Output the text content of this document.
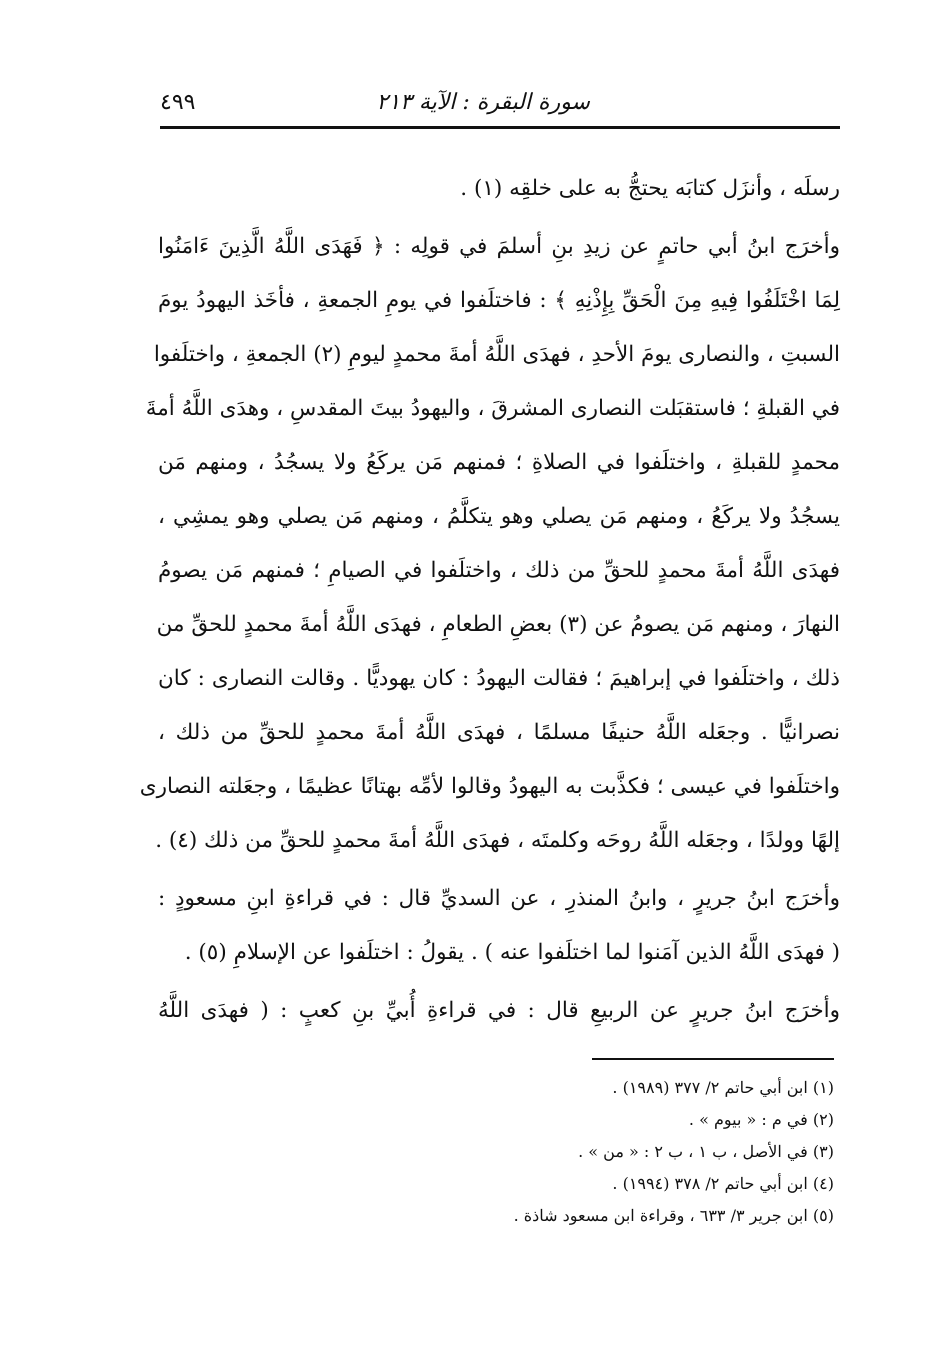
سورة البقرة : الآية ٢١٣
٤٩٩
رسلَه ، وأنزَل كتابَه يحتجُّ به على خلقِه (١) .
وأخرَج ابنُ أبي حاتمٍ عن زيدِ بنِ أسلمَ في قولِه : ﴿ فَهَدَى اللَّهُ الَّذِينَ ءَامَنُوا
لِمَا اخْتَلَفُوا فِيهِ مِنَ الْحَقِّ بِإِذْنِهِ ﴾ : فاختلَفوا في يومِ الجمعةِ ، فأخَذ اليهودُ يومَ
السبتِ ، والنصارى يومَ الأحدِ ، فهدَى اللَّهُ أمةَ محمدٍ ليومِ (٢) الجمعةِ ، واختلَفوا
في القبلةِ ؛ فاستقبَلت النصارى المشرقَ ، واليهودُ بيتَ المقدسِ ، وهدَى اللَّهُ أمةَ
محمدٍ للقبلةِ ، واختلَفوا في الصلاةِ ؛ فمنهم مَن يركَعُ ولا يسجُدُ ، ومنهم مَن
يسجُدُ ولا يركَعُ ، ومنهم مَن يصلي وهو يتكلَّمُ ، ومنهم مَن يصلي وهو يمشِي ،
فهدَى اللَّهُ أمةَ محمدٍ للحقِّ من ذلك ، واختلَفوا في الصيامِ ؛ فمنهم مَن يصومُ
النهارَ ، ومنهم مَن يصومُ عن (٣) بعضِ الطعامِ ، فهدَى اللَّهُ أمةَ محمدٍ للحقِّ من
ذلك ، واختلَفوا في إبراهيمَ ؛ فقالت اليهودُ : كان يهوديًّا . وقالت النصارى : كان
نصرانيًّا . وجعَله اللَّهُ حنيفًا مسلمًا ، فهدَى اللَّهُ أمةَ محمدٍ للحقِّ من ذلك ،
واختلَفوا في عيسى ؛ فكذَّبت به اليهودُ وقالوا لأمِّه بهتانًا عظيمًا ، وجعَلته النصارى
إلهًا وولدًا ، وجعَله اللَّهُ روحَه وكلمتَه ، فهدَى اللَّهُ أمةَ محمدٍ للحقِّ من ذلك (٤) .
وأخرَج ابنُ جريرٍ ، وابنُ المنذرِ ، عن السديِّ قال : في قراءةِ ابنِ مسعودٍ :
( فهدَى اللَّهُ الذين آمَنوا لما اختلَفوا عنه ) . يقولُ : اختلَفوا عن الإسلامِ (٥) .
وأخرَج ابنُ جريرٍ عن الربيعِ قال : في قراءةِ أُبيِّ بنِ كعبٍ : ( فهدَى اللَّهُ
(١) ابن أبي حاتم ٢/ ٣٧٧ (١٩٨٩) .
(٢) في م : « بيوم » .
(٣) في الأصل ، ب ١ ، ب ٢ : « من » .
(٤) ابن أبي حاتم ٢/ ٣٧٨ (١٩٩٤) .
(٥) ابن جرير ٣/ ٦٣٣ ، وقراءة ابن مسعود شاذة .
